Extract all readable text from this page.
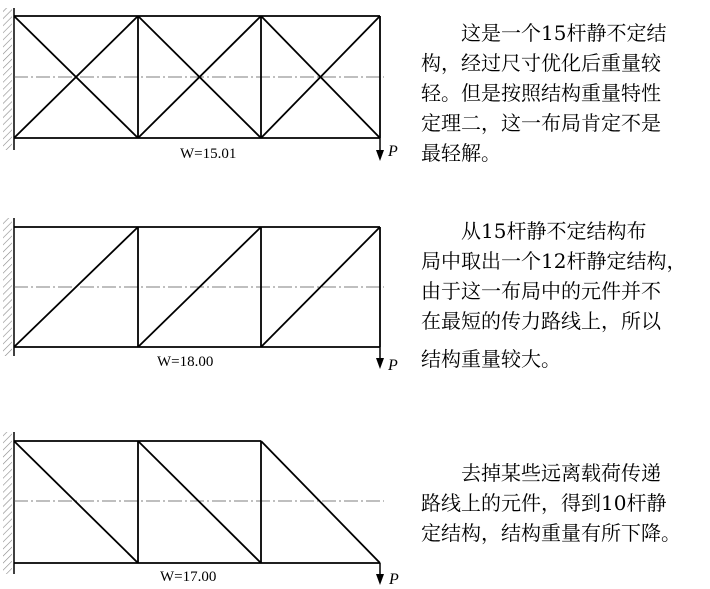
P
W=15.01
P
W=18.00
P
W=17.00
　　这是一个15杆静不定结
构，经过尺寸优化后重量较
轻。但是按照结构重量特性
定理二，这一布局肯定不是
最轻解。
　　从15杆静不定结构布
局中取出一个12杆静定结构，
由于这一布局中的元件并不
在最短的传力路线上，所以
结构重量较大。
　　去掉某些远离载荷传递
路线上的元件，得到10杆静
定结构，结构重量有所下降。
